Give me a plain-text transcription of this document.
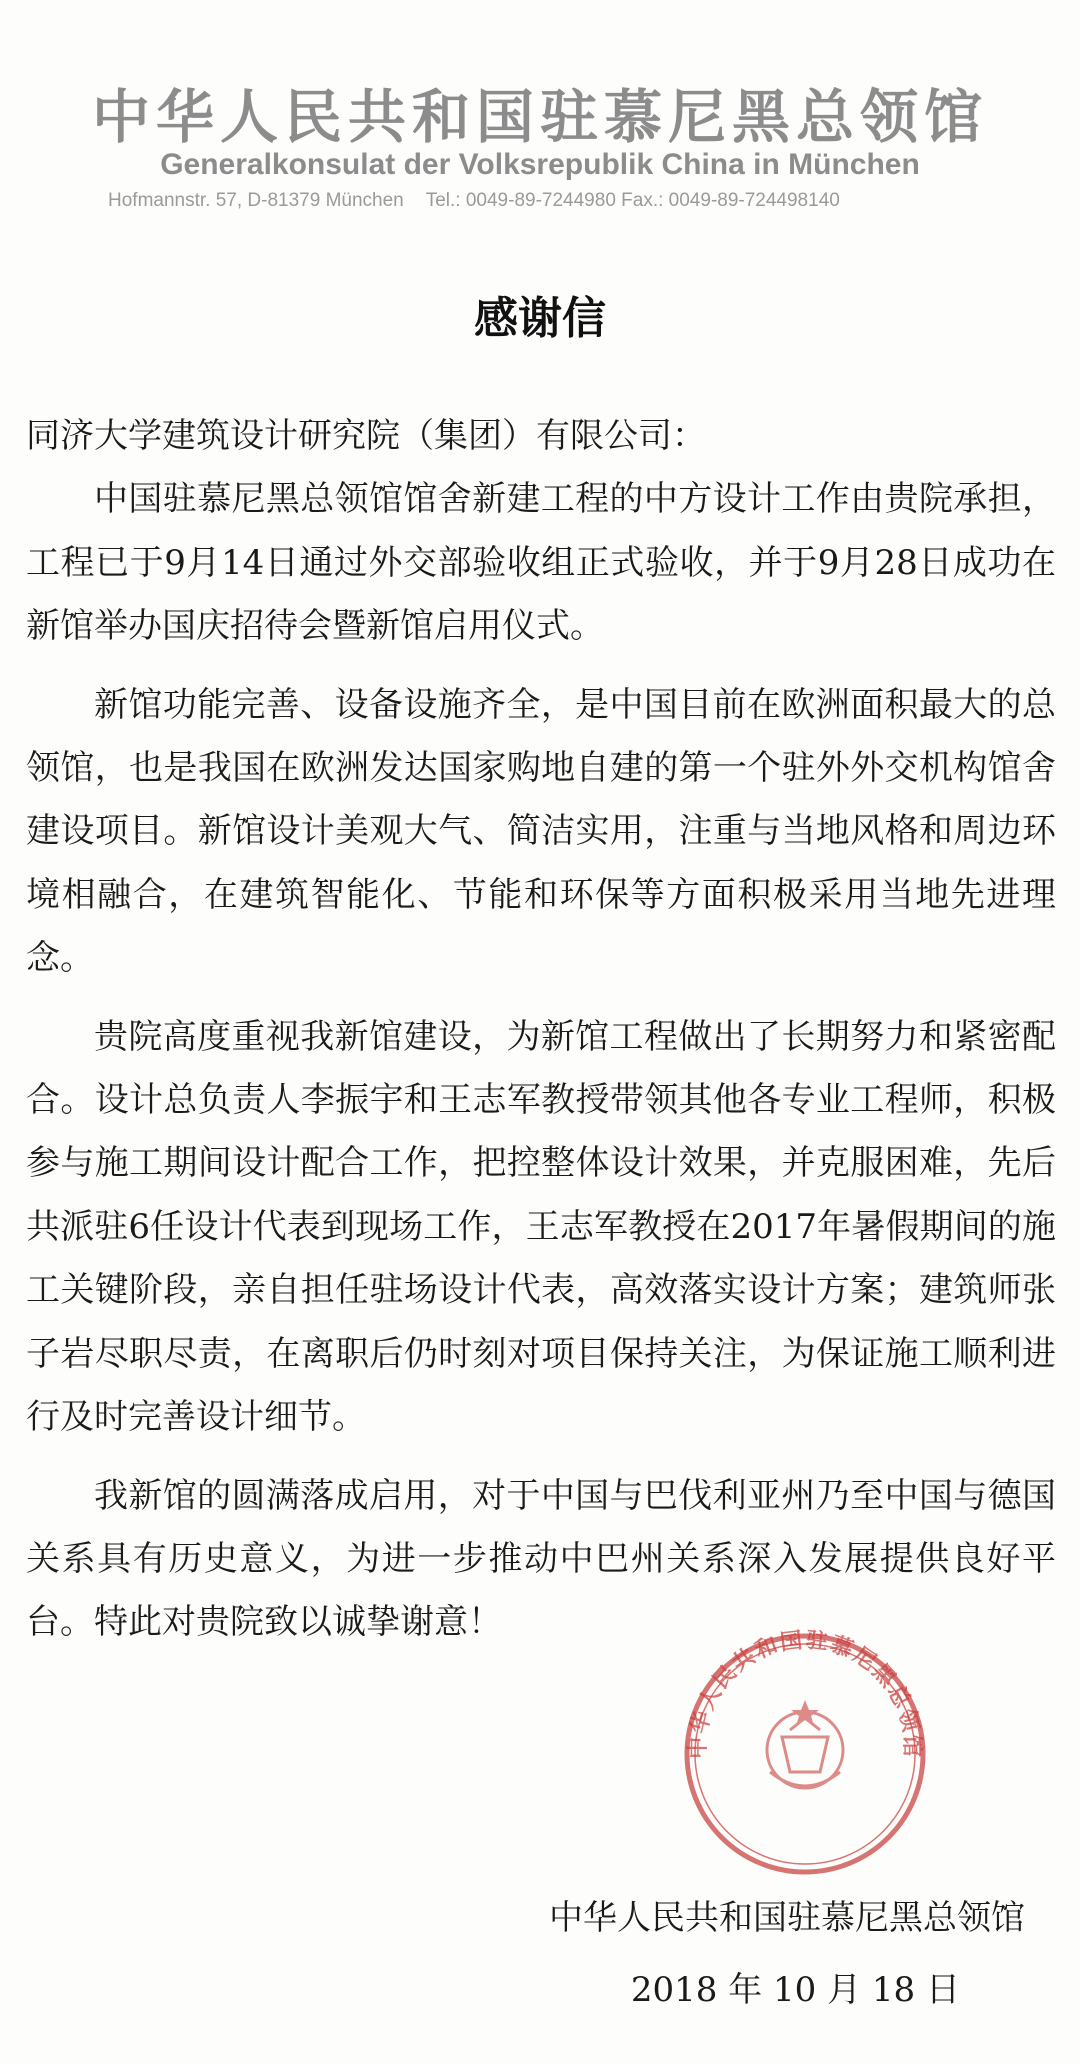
中华人民共和国驻慕尼黑总领馆
Generalkonsulat der Volksrepublik China in München
Hofmannstr. 57, D-81379 München Tel.: 0049-89-7244980 Fax.: 0049-89-724498140
感谢信

同济大学建筑设计研究院（集团）有限公司：

中国驻慕尼黑总领馆馆舍新建工程的中方设计工作由贵院承担，工程已于9月14日通过外交部验收组正式验收，并于9月28日成功在新馆举办国庆招待会暨新馆启用仪式。

新馆功能完善、设备设施齐全，是中国目前在欧洲面积最大的总领馆，也是我国在欧洲发达国家购地自建的第一个驻外外交机构馆舍建设项目。新馆设计美观大气、简洁实用，注重与当地风格和周边环境相融合，在建筑智能化、节能和环保等方面积极采用当地先进理念。

贵院高度重视我新馆建设，为新馆工程做出了长期努力和紧密配合。设计总负责人李振宇和王志军教授带领其他各专业工程师，积极参与施工期间设计配合工作，把控整体设计效果，并克服困难，先后共派驻6任设计代表到现场工作，王志军教授在2017年暑假期间的施工关键阶段，亲自担任驻场设计代表，高效落实设计方案；建筑师张子岩尽职尽责，在离职后仍时刻对项目保持关注，为保证施工顺利进行及时完善设计细节。

我新馆的圆满落成启用，对于中国与巴伐利亚州乃至中国与德国关系具有历史意义，为进一步推动中巴州关系深入发展提供良好平台。特此对贵院致以诚挚谢意！

中华人民共和国驻慕尼黑总领馆
中华人民共和国驻慕尼黑总领馆
2018 年 10 月 18 日
